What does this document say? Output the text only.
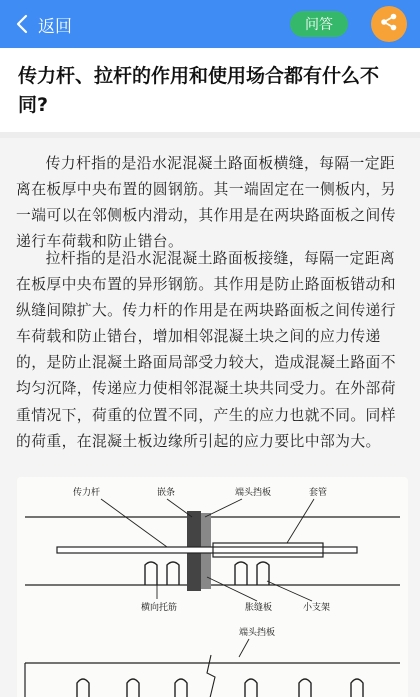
返回	问答
传力杆、拉杆的作用和使用场合都有什么不同?

传力杆指的是沿水泥混凝土路面板横缝，每隔一定距离在板厚中央布置的圆钢筋。其一端固定在一侧板内，另一端可以在邻侧板内滑动，其作用是在两块路面板之间传递行车荷载和防止错台。

拉杆指的是沿水泥混凝土路面板接缝，每隔一定距离在板厚中央布置的异形钢筋。其作用是防止路面板错动和纵缝间隙扩大。传力杆的作用是在两块路面板之间传递行车荷载和防止错台，增加相邻混凝土块之间的应力传递的，是防止混凝土路面局部受力较大，造成混凝土路面不均匀沉降，传递应力使相邻混凝土块共同受力。在外部荷重情况下，荷重的位置不同，产生的应力也就不同。同样的荷重，在混凝土板边缘所引起的应力要比中部为大。

传力杆	嵌条	端头挡板	套管
横向托筋	胀缝板	小支架
端头挡板
